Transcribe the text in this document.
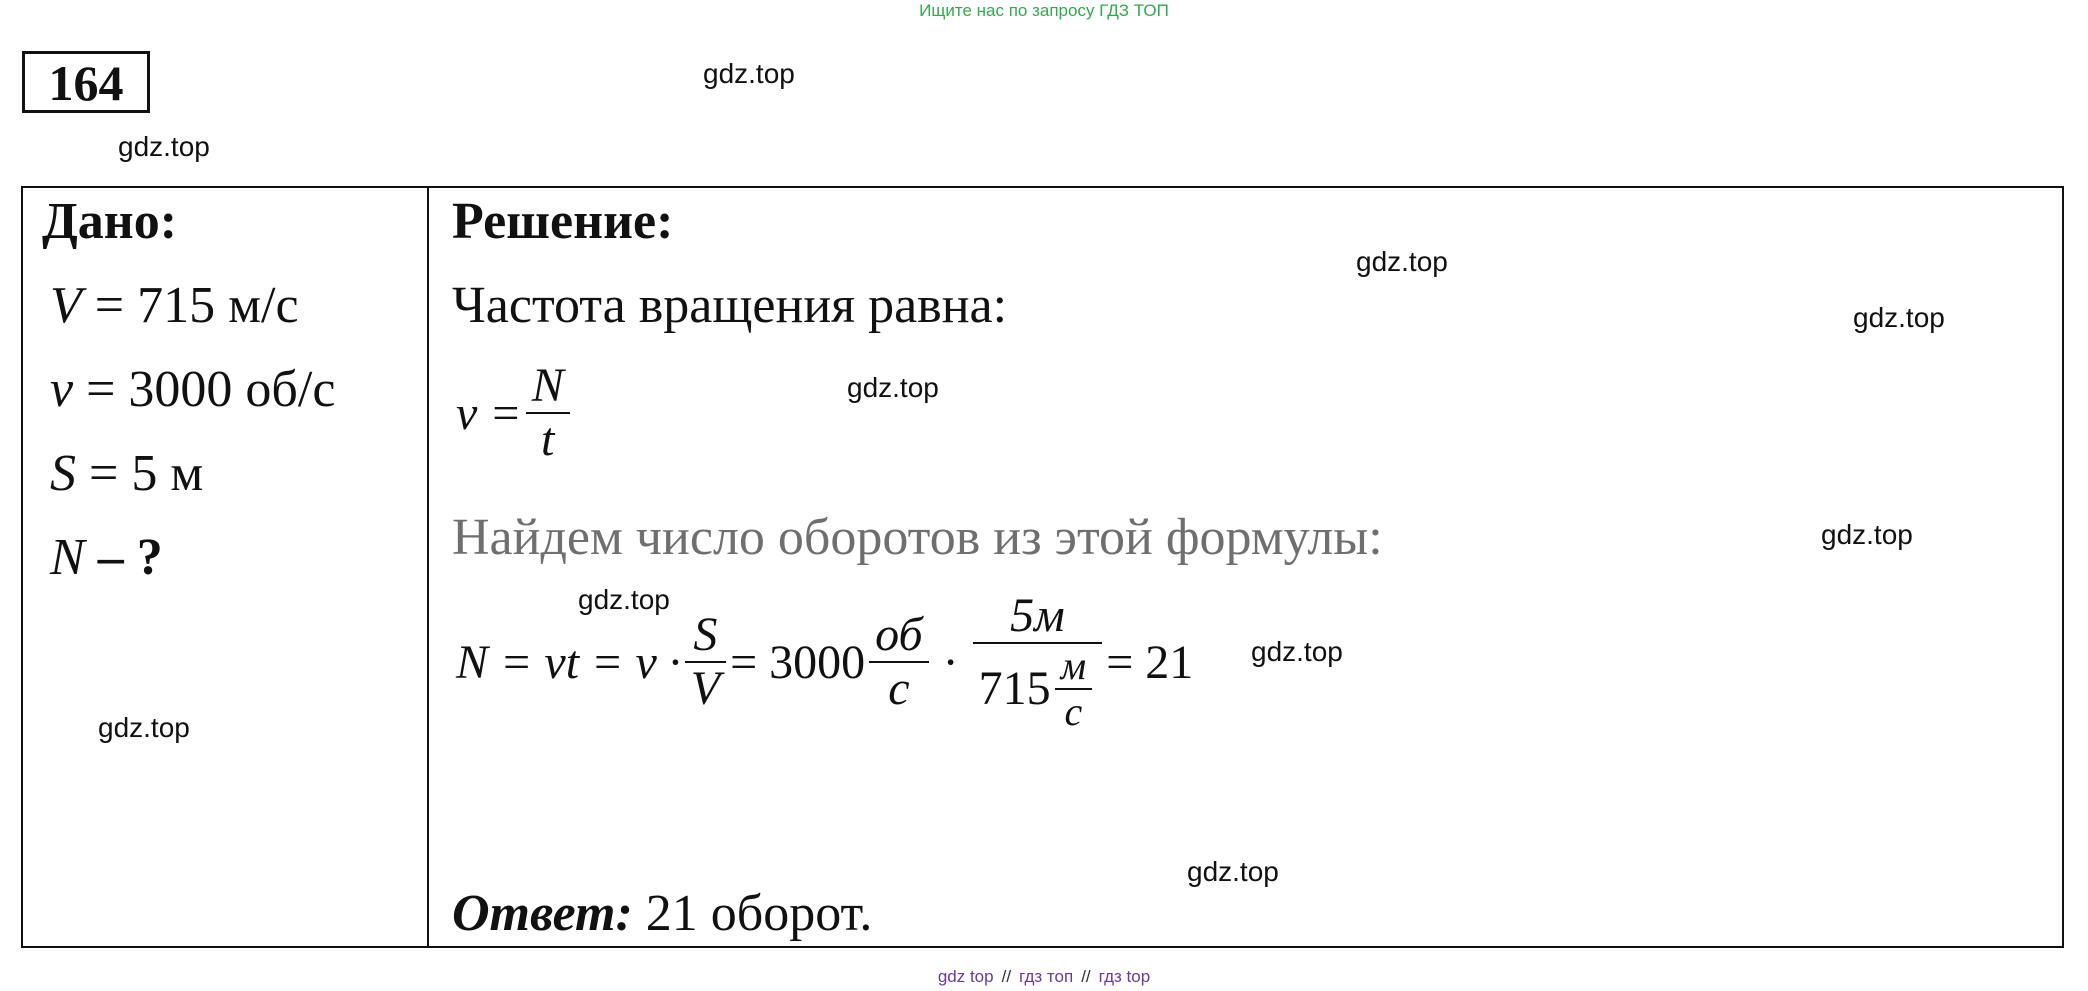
Ищите нас по запросу ГДЗ ТОП
164	gdz.top
gdz.top
Дано:
V = 715 м/с
ν = 3000 об/с
S = 5 м
N – ?
gdz.top
Решение:
gdz.top
gdz.top
Частота вращения равна:
$\nu = \frac{N}{t}$	gdz.top
Найдем число оборотов из этой формулы:	gdz.top
gdz.top
$N = \nu t = \nu \cdot \frac{S}{V} = 3000 \frac{об}{с} \cdot \frac{5м}{715 \frac{м}{с}} = 21$ gdz.top
gdz.top
Ответ: 21 оборот.
gdz top // гдз топ // гдз top
